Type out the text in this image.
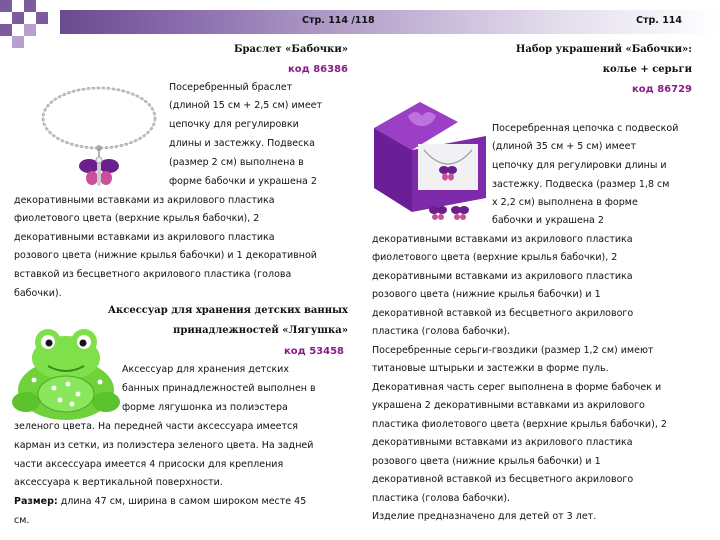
Стр. 114 /118	Стр. 114
Браслет «Бабочки»
код 86386

Посеребренный браслет

(длиной 15 см + 2,5 см) имеет

цепочку для регулировки

длины и застежку. Подвеска

(размер 2 см) выполнена в

форме бабочки и украшена 2

декоративными вставками из акрилового пластика

фиолетового цвета (верхние крылья бабочки), 2

декоративными вставками из акрилового пластика

розового цвета (нижние крылья бабочки) и 1 декоративной

вставкой из бесцветного акрилового пластика (голова

бабочки).

Аксессуар для хранения детских ванных
принадлежностей «Лягушка»
код 53458

Аксессуар для хранения детских

банных принадлежностей выполнен в

форме лягушонка из полиэстера

зеленого цвета. На передней части аксессуара имеется

карман из сетки, из полиэстера зеленого цвета. На задней

части аксессуара имеется 4 присоски для крепления

аксессуара к вертикальной поверхности.

Размер: длина 47 см, ширина в самом широком месте 45

см.

Набор украшений «Бабочки»:
колье + серьги
код 86729

Посеребренная цепочка с подвеской

(длиной 35 см + 5 см) имеет

цепочку для регулировки длины и

застежку. Подвеска (размер 1,8 см

х 2,2 см) выполнена в форме

бабочки и украшена 2

декоративными вставками из акрилового пластика

фиолетового цвета (верхние крылья бабочки), 2

декоративными вставками из акрилового пластика

розового цвета (нижние крылья бабочки) и 1

декоративной вставкой из бесцветного акрилового

пластика (голова бабочки).

Посеребренные серьги-гвоздики (размер 1,2 см) имеют

титановые штырьки и застежки в форме пуль.

Декоративная часть серег выполнена в форме бабочек и

украшена 2 декоративными вставками из акрилового

пластика фиолетового цвета (верхние крылья бабочки), 2

декоративными вставками из акрилового пластика

розового цвета (нижние крылья бабочки) и 1

декоративной вставкой из бесцветного акрилового

пластика (голова бабочки).

Изделие предназначено для детей от 3 лет.
